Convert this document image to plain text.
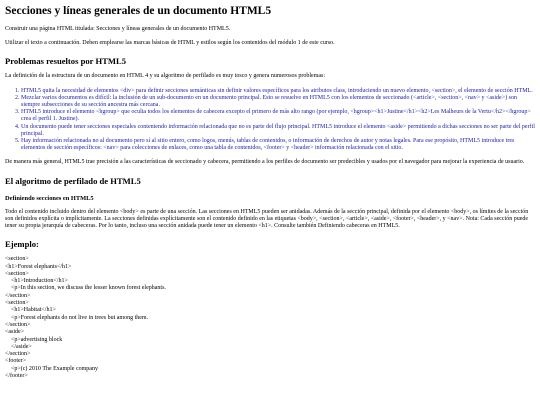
Secciones y líneas generales de un documento HTML5

Construir una página HTML titulada: Secciones y líneas generales de un documento HTML5.

Utilizar el texto a continuación. Deben emplearse las marcas básicas de HTML y estilos según los contenidos del módulo 1 de este curso.

Problemas resueltos por HTML5

La definición de la estructura de un documento en HTML 4 y su algoritmo de perfilado es muy tosco y genera numerosos problemas:

1. HTML5 quita la necesidad de elementos <div> para definir secciones semánticas sin definir valores específicos para los atributos class, introduciendo un nuevo elemento, <section>, el elemento de sección HTML.
2. Mezclar varios documentos es difícil: la inclusión de un sub-documento en un documento principal. Esto se resuelve en HTML5 con los elementos de seccionado (<article>, <section>, <nav> y <aside>) son siempre subsecciones de su sección ancestra más cercana.
3. HTML5 introduce el elemento <hgroup> que oculta todos los elementos de cabecera excepto el primero de más alto rango (por ejemplo, <hgroup><h1>Justine</h1><h2>Les Malheurs de la Vertu</h2></hgroup> crea el perfil 1. Justine).
4. Un documento puede tener secciones especiales conteniendo información relacionada que no es parte del flujo principal. HTML5 introduce el elemento <aside> permitiendo a dichas secciones no ser parte del perfil principal.
5. Hay información relacionada no al documento pero sí al sitio entero, como logos, menús, tablas de contenidos, o información de derechos de autor y notas legales. Para ese propósito, HTML5 introduce tres elementos de sección específicos: <nav> para colecciones de enlaces, como una tabla de contenidos, <footer> y <header> información relacionada con el sitio.

De manera más general, HTML5 trae precisión a las características de seccionado y cabecera, permitiendo a los perfiles de documento ser predecibles y usados por el navegador para mejorar la experiencia de usuario.

El algoritmo de perfilado de HTML5
Definiendo secciones en HTML5

Todo el contenido incluido dentro del elemento <body> es parte de una sección. Las secciones en HTML5 pueden ser anidadas. Además de la sección principal, definida por el elemento <body>, os límites de la sección son definidos explícita o implícitamente. La secciones definidas explícitamente son el contenido definido en las etiquetas <body>, <section>, <article>, <aside>, <footer>, <header>, y <nav>. Nota: Cada sección puede tener su propia jerarquía de cabeceras. Por lo tanto, incluso una sección anidada puede tener un elemento <h1>. Consulte también Definiendo cabeceras en HTML5.

Ejemplo:
<section>
<h1>Forest elephants</h1>
<section>
<h1>Introduction</h1>
<p>In this section, we discuss the lesser known forest elephants.
</section>
<section>
<h1>Habitat</h1>
<p>Forest elephants do not live in trees but among them.
</section>
<aside>
<p>advertising block
</aside>
</section>
<footer>
<p>(c) 2010 The Example company
</footer>
